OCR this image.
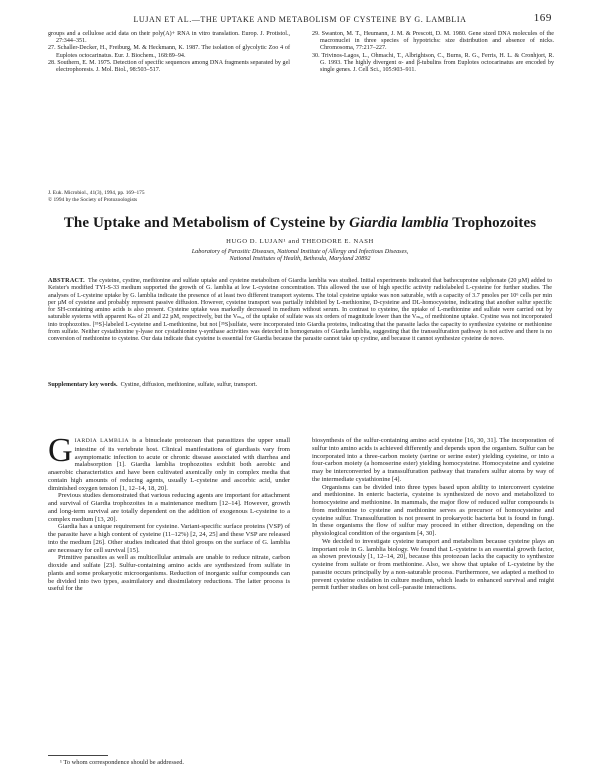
LUJAN ET AL.—THE UPTAKE AND METABOLISM OF CYSTEINE BY G. LAMBLIA	169

groups and a cellulose acid data on their poly(A)+ RNA in vitro translation. Europ. J. Protistol., 27:344–351.

27. Schaller-Decker, H., Freiburg, M. & Heckmann, K. 1987. The isolation of glycolytic Zoo 4 of Euplotes octocarinatus. Eur. J. Biochem., 168:89–94.

28. Southern, E. M. 1975. Detection of specific sequences among DNA fragments separated by gel electrophoresis. J. Mol. Biol., 98:503–517.

29. Swanton, M. T., Heumann, J. M. & Prescott, D. M. 1980. Gene sized DNA molecules of the macronuclei in three species of hypotrichs: size distribution and absence of nicks. Chromosoma, 77:217–227.

30. Trivinos-Lagos, L., Ohmachi, T., Albrightson, C., Burns, R. G., Ferris, H. L. & Cronhjort, R. G. 1993. The highly divergent α- and β-tubulins from Euplotes octocarinatus are encoded by single genes. J. Cell Sci., 105:903–911.

J. Euk. Microbiol., 41(3), 1994, pp. 169–175

© 1994 by the Society of Protozoologists

The Uptake and Metabolism of Cysteine by Giardia lamblia Trophozoites
HUGO D. LUJAN¹ and THEODORE E. NASH
Laboratory of Parasitic Diseases, National Institute of Allergy and Infectious Diseases,
National Institutes of Health, Bethesda, Maryland 20892
ABSTRACT. The cysteine, cystine, methionine and sulfate uptake and cysteine metabolism of Giardia lamblia was studied. Initial experiments indicated that bathocuproine sulphonate (20 µM) added to Keister's modified TYI-S-33 medium supported the growth of G. lamblia at low L-cysteine concentration. This allowed the use of high specific activity radiolabeled L-cysteine for further studies. The analyses of L-cysteine uptake by G. lamblia indicate the presence of at least two different transport systems. The total cysteine uptake was non saturable, with a capacity of 3.7 pmoles per 10⁶ cells per min per µM of cysteine and probably represent passive diffusion. However, cysteine transport was partially inhibited by L-methionine, D-cysteine and DL-homocysteine, indicating that another sulfur specific for SH-containing amino acids is also present. Cysteine uptake was markedly decreased in medium without serum. In contrast to cysteine, the uptake of L-methionine and sulfate were carried out by saturable systems with apparent Kₘ of 21 and 22 µM, respectively, but the Vₘₐₓ of the uptake of sulfate was six orders of magnitude lower than the Vₘₐₓ of methionine uptake. Cystine was not incorporated into trophozoites. [³⁵S]-labeled L-cysteine and L-methionine, but not [³⁵S]sulfate, were incorporated into Giardia proteins, indicating that the parasite lacks the capacity to synthesize cysteine or methionine from sulfate. Neither cystathionine γ-lyase nor cystathionine γ-synthase activities was detected in homogenates of Giardia lamblia, suggesting that the transsulfuration pathway is not active and there is no conversion of methionine to cysteine. Our data indicate that cysteine is essential for Giardia because the parasite cannot take up cystine, and because it cannot synthesize cysteine de novo.
Supplementary key words. Cystine, diffusion, methionine, sulfate, sulfur, transport.

GIARDIA LAMBLIA is a binucleate protozoan that parasitizes the upper small intestine of its vertebrate host. Clinical manifestations of giardiasis vary from asymptomatic infection to acute or chronic disease associated with diarrhea and malabsorption [1]. Giardia lamblia trophozoites exhibit both aerobic and anaerobic characteristics and have been cultivated axenically only in complex media that contain high amounts of reducing agents, usually L-cysteine and ascorbic acid, under diminished oxygen tension [1, 12–14, 18, 20].

Previous studies demonstrated that various reducing agents are important for attachment and survival of Giardia trophozoites in a maintenance medium [12–14]. However, growth and long-term survival are totally dependent on the addition of exogenous L-cysteine to a complex medium [13, 20].

Giardia has a unique requirement for cysteine. Variant-specific surface proteins (VSP) of the parasite have a high content of cysteine (11–12%) [2, 24, 25] and these VSP are released into the medium [26]. Other studies indicated that thiol groups on the surface of G. lamblia are necessary for cell survival [15].

Primitive parasites as well as multicellular animals are unable to reduce nitrate, carbon dioxide and sulfate [23]. Sulfur-containing amino acids are synthesized from sulfate in plants and some prokaryotic microorganisms. Reduction of inorganic sulfur compounds can be divided into two types, assimilatory and dissimilatory reductions. The latter process is useful for the

biosynthesis of the sulfur-containing amino acid cysteine [16, 30, 31]. The incorporation of sulfur into amino acids is achieved differently and depends upon the organism. Sulfur can be incorporated into a three-carbon moiety (serine or serine ester) yielding cysteine, or into a four-carbon moiety (a homoserine ester) yielding homocysteine. Homocysteine and cysteine may be interconverted by a transsulfuration pathway that transfers sulfur atoms by way of the intermediate cystathionine [4].

Organisms can be divided into three types based upon ability to interconvert cysteine and methionine. In enteric bacteria, cysteine is synthesized de novo and metabolized to homocysteine and methionine. In mammals, the major flow of reduced sulfur compounds is from methionine to cysteine and methionine serves as precursor of homocysteine and cysteine sulfur. Transsulfuration is not present in prokaryotic bacteria but is found in fungi. In these organisms the flow of sulfur may proceed in either direction, depending on the physiological condition of the organism [4, 30].

We decided to investigate cysteine transport and metabolism because cysteine plays an important role in G. lamblia biology. We found that L-cysteine is an essential growth factor, as shown previously [1, 12–14, 20], because this protozoan lacks the capacity to synthesize cysteine from sulfate or from methionine. Also, we show that uptake of L-cysteine by the parasite occurs principally by a non-saturable process. Furthermore, we adapted a method to prevent cysteine oxidation in culture medium, which leads to enhanced survival and might permit further studies on host cell–parasite interactions.

¹ To whom correspondence should be addressed.
